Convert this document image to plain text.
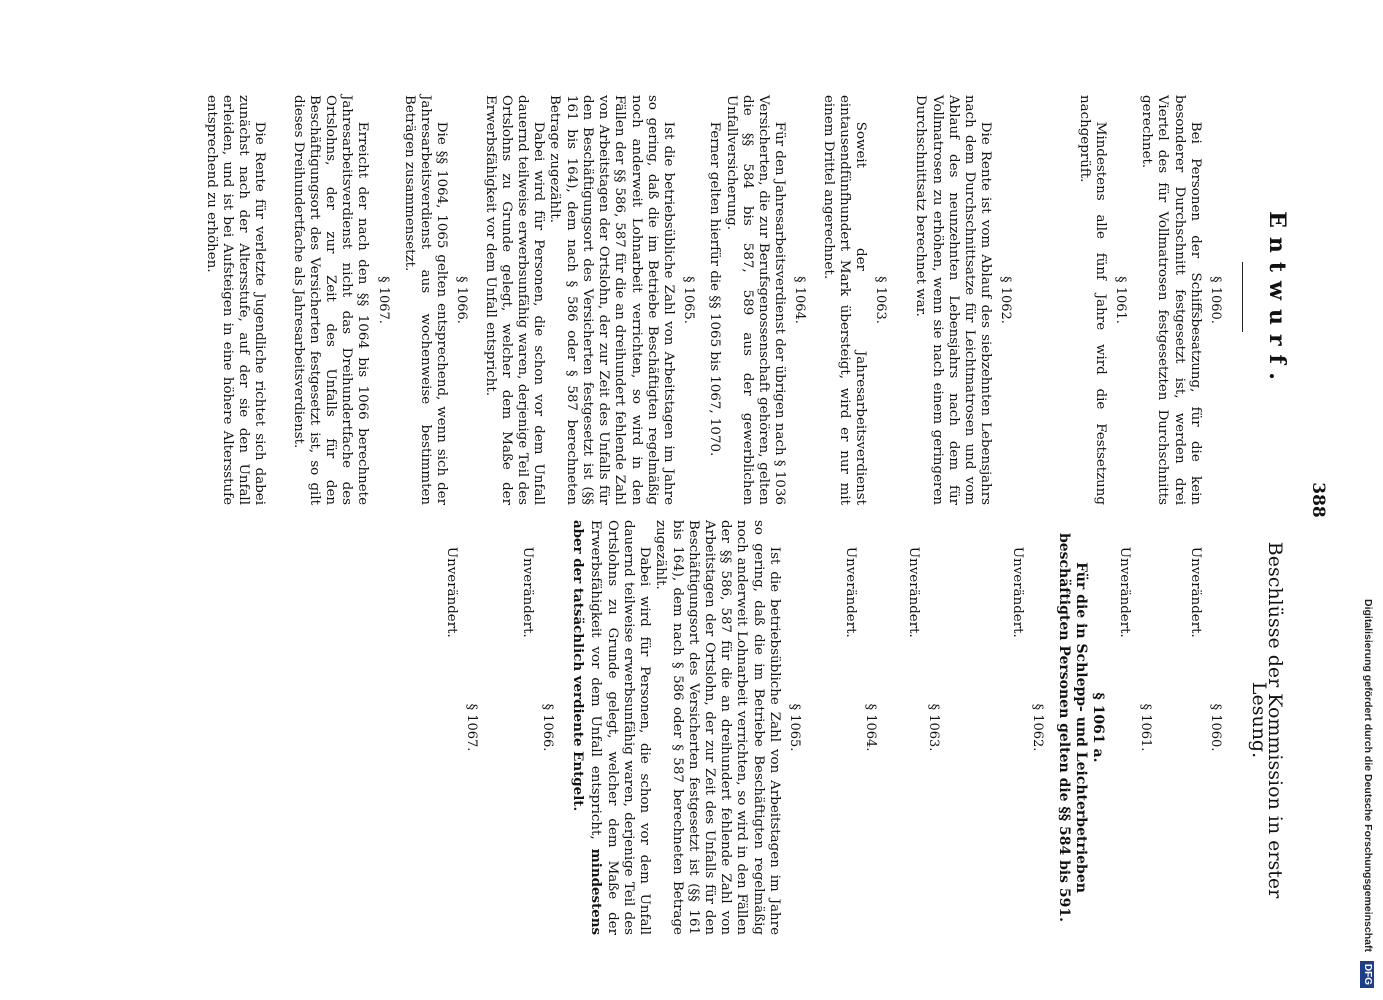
388
Entwurf.
Beschlüsse der Kommission in erster Lesung.
§ 1060.

Bei Personen der Schiffsbesatzung, für die kein besonderer Durchschnitt festgesetzt ist, werden drei Viertel des für Vollmatrosen festgesetzten Durchschnitts gerechnet.

§ 1061.

Mindestens alle fünf Jahre wird die Festsetzung nachgeprüft.

§ 1062.

Die Rente ist vom Ablauf des siebzehnten Lebensjahrs nach dem Durchschnittsatze für Leichtmatrosen und vom Ablauf des neunzehnten Lebensjahrs nach dem für Vollmatrosen zu erhöhen, wenn sie nach einem geringeren Durchschnittsatz berechnet war.

§ 1063.

Soweit der Jahresarbeitsverdienst eintausendfünfhundert Mark übersteigt, wird er nur mit einem Drittel angerechnet.

§ 1064.

Für den Jahresarbeitsverdienst der übrigen nach § 1036 Versicherten, die zur Berufsgenossenschaft gehören, gelten die §§ 584 bis 587, 589 aus der gewerblichen Unfallversicherung.

Ferner gelten hierfür die §§ 1065 bis 1067, 1070.

§ 1065.

Ist die betriebsübliche Zahl von Arbeitstagen im Jahre so gering, daß die im Betriebe Beschäftigten regelmäßig noch anderweit Lohnarbeit verrichten, so wird in den Fällen der §§ 586, 587 für die an dreihundert fehlende Zahl von Arbeitstagen der Ortslohn, der zur Zeit des Unfalls für den Beschäftigungsort des Versicherten festgesetzt ist (§§ 161 bis 164), dem nach § 586 oder § 587 berechneten Betrage zugezählt.

Dabei wird für Personen, die schon vor dem Unfall dauernd teilweise erwerbsunfähig waren, derjenige Teil des Ortslohns zu Grunde gelegt, welcher dem Maße der Erwerbsfähigkeit vor dem Unfall entspricht.

§ 1066.

Die §§ 1064, 1065 gelten entsprechend, wenn sich der Jahresarbeitsverdienst aus wochenweise bestimmten Beträgen zusammensetzt.

§ 1067.

Erreicht der nach den §§ 1064 bis 1066 berechnete Jahresarbeitsverdienst nicht das Dreihundertfache des Ortslohns, der zur Zeit des Unfalls für den Beschäftigungsort des Versicherten festgesetzt ist, so gilt dieses Dreihundertfache als Jahresarbeitsverdienst.

Die Rente für verletzte Jugendliche richtet sich dabei zunächst nach der Altersstufe, auf der sie den Unfall erleiden, und ist bei Aufsteigen in eine höhere Altersstufe entsprechend zu erhöhen.

§ 1060.

Unverändert.

§ 1061.

Unverändert.

§ 1061 a.
Für die in Schlepp- und Leichterbetrieben beschäftigten Personen gelten die §§ 584 bis 591.
§ 1062.

Unverändert.

§ 1063.

Unverändert.

§ 1064.

Unverändert.

§ 1065.

Ist die betriebsübliche Zahl von Arbeitstagen im Jahre so gering, daß die im Betriebe Beschäftigten regelmäßig noch anderweit Lohnarbeit verrichten, so wird in den Fällen der §§ 586, 587 für die an dreihundert fehlende Zahl von Arbeitstagen der Ortslohn, der zur Zeit des Unfalls für den Beschäftigungsort des Versicherten festgesetzt ist (§§ 161 bis 164), dem nach § 586 oder § 587 berechneten Betrage zugezählt.

Dabei wird für Personen, die schon vor dem Unfall dauernd teilweise erwerbsunfähig waren, derjenige Teil des Ortslohns zu Grunde gelegt, welcher dem Maße der Erwerbsfähigkeit vor dem Unfall entspricht, mindestens aber der tatsächlich verdiente Entgelt.

§ 1066.

Unverändert.

§ 1067.

Unverändert.

Digitalisierung gefördert durch die Deutsche Forschungsgemeinschaft DFG
